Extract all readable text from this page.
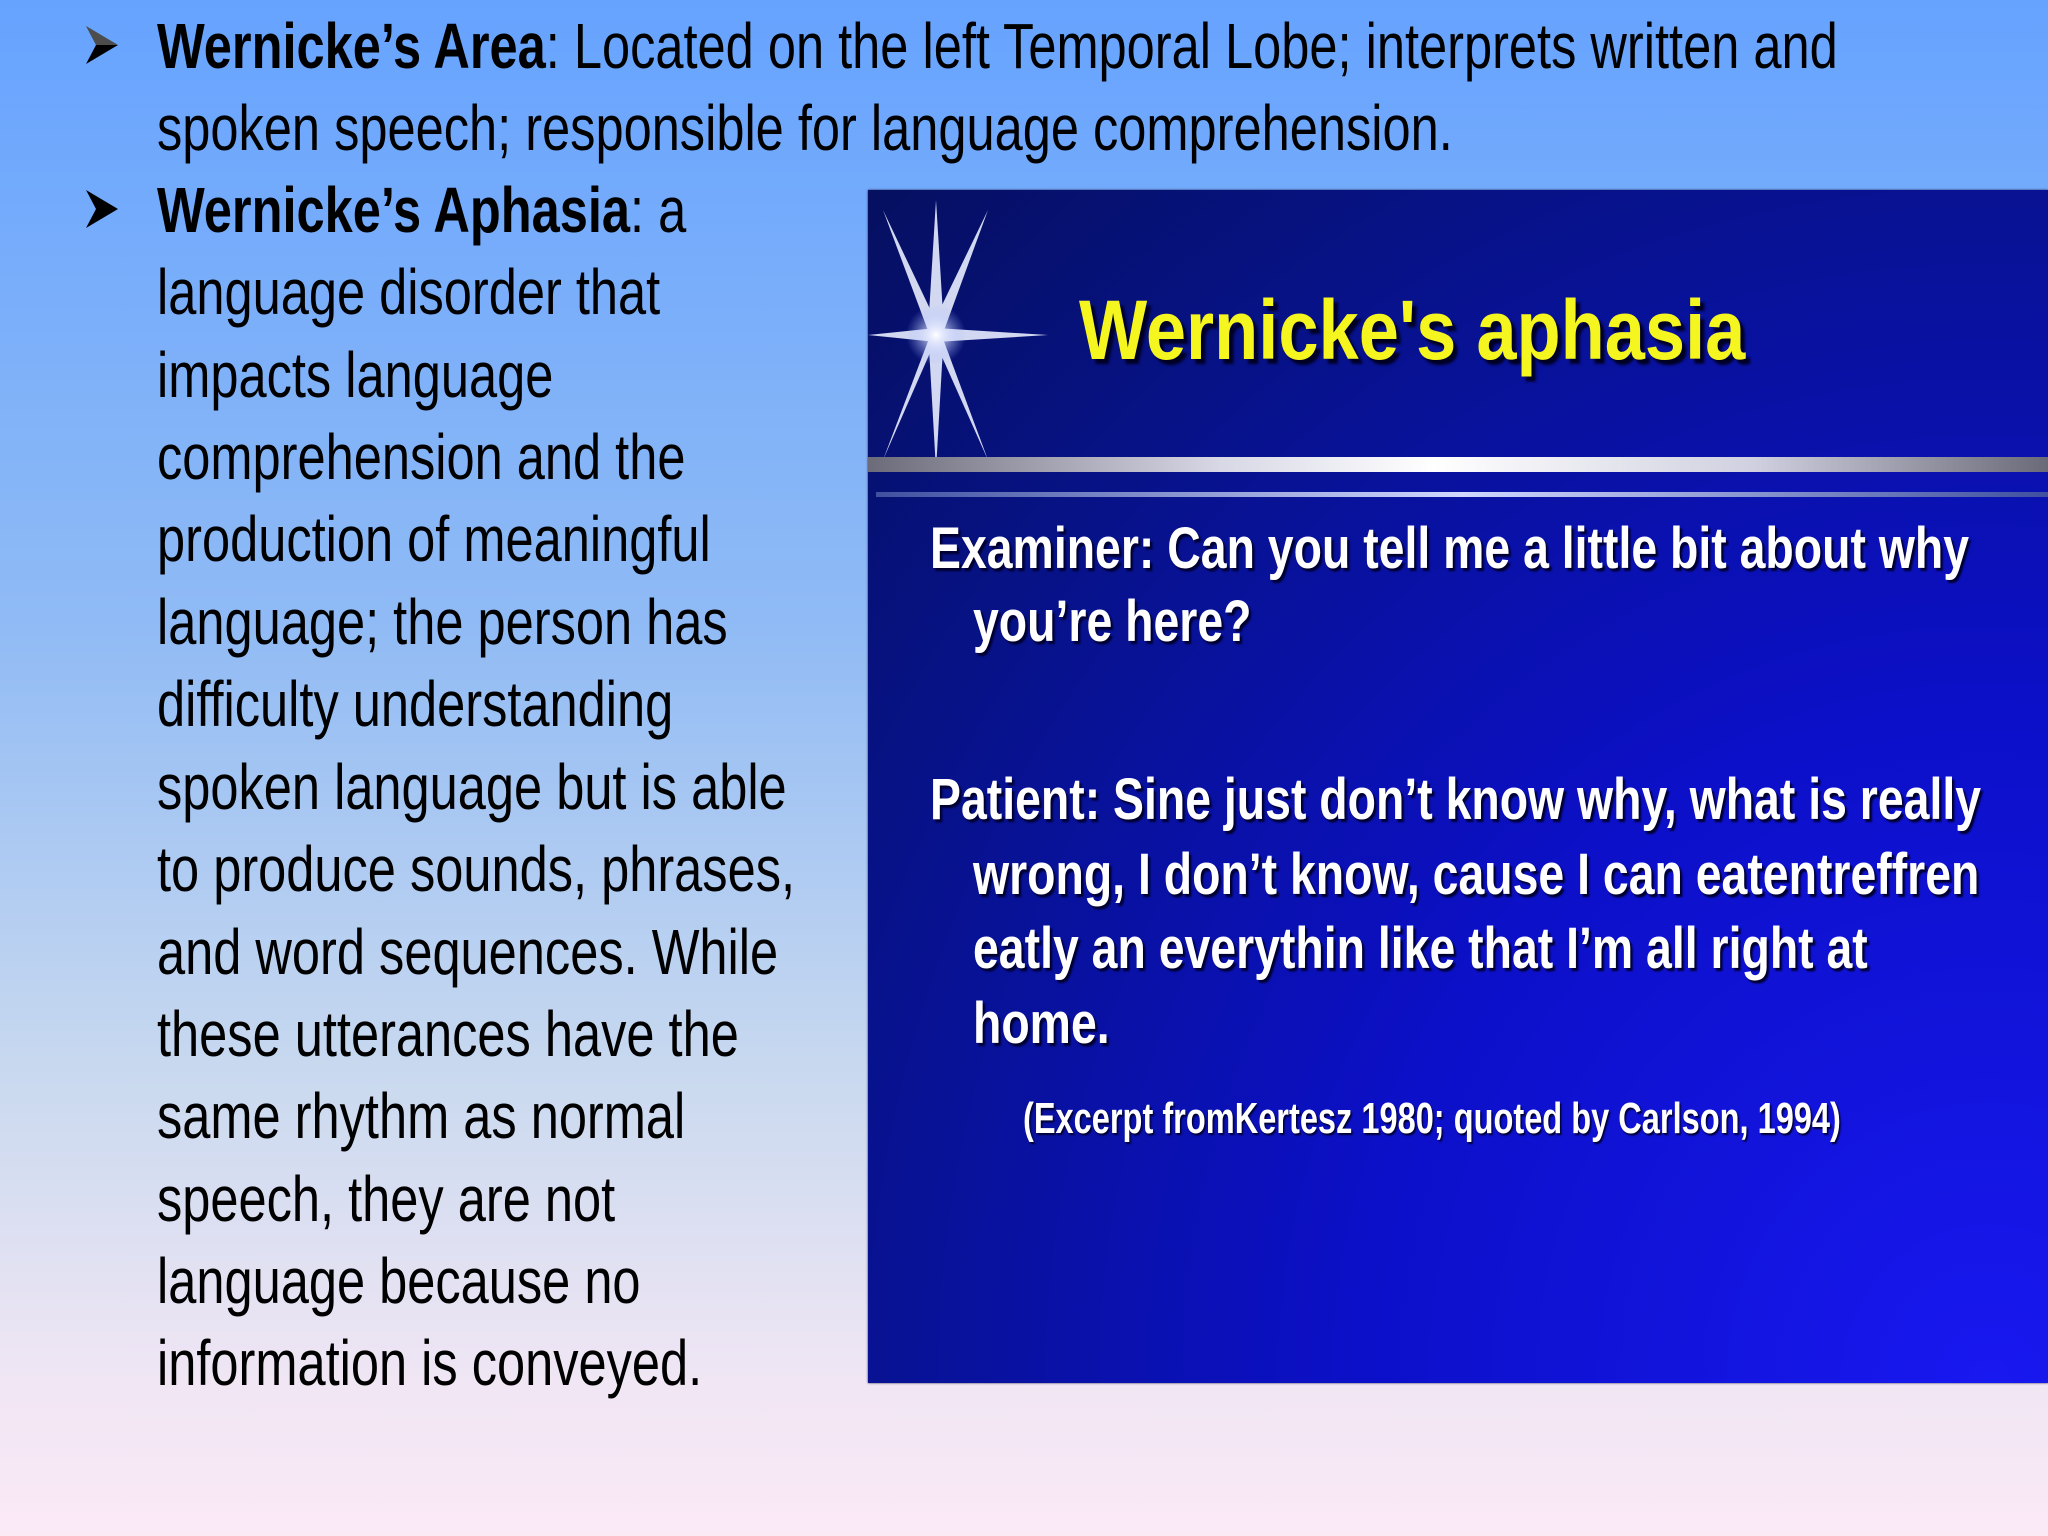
Wernicke’s Area: Located on the left Temporal Lobe; interprets written and
spoken speech; responsible for language comprehension.
Wernicke’s Aphasia: a
language disorder that
impacts language
comprehension and the
production of meaningful
language; the person has
difficulty understanding
spoken language but is able
to produce sounds, phrases,
and word sequences. While
these utterances have the
same rhythm as normal
speech, they are not
language because no
information is conveyed.
Wernicke's aphasia
Examiner: Can you tell me a little bit about why
you’re here?
Patient: Sine just don’t know why, what is really
wrong, I don’t know, cause I can eatentreffren
eatly an everythin like that I’m all right at
home.
(Excerpt fromKertesz 1980; quoted by Carlson, 1994)
